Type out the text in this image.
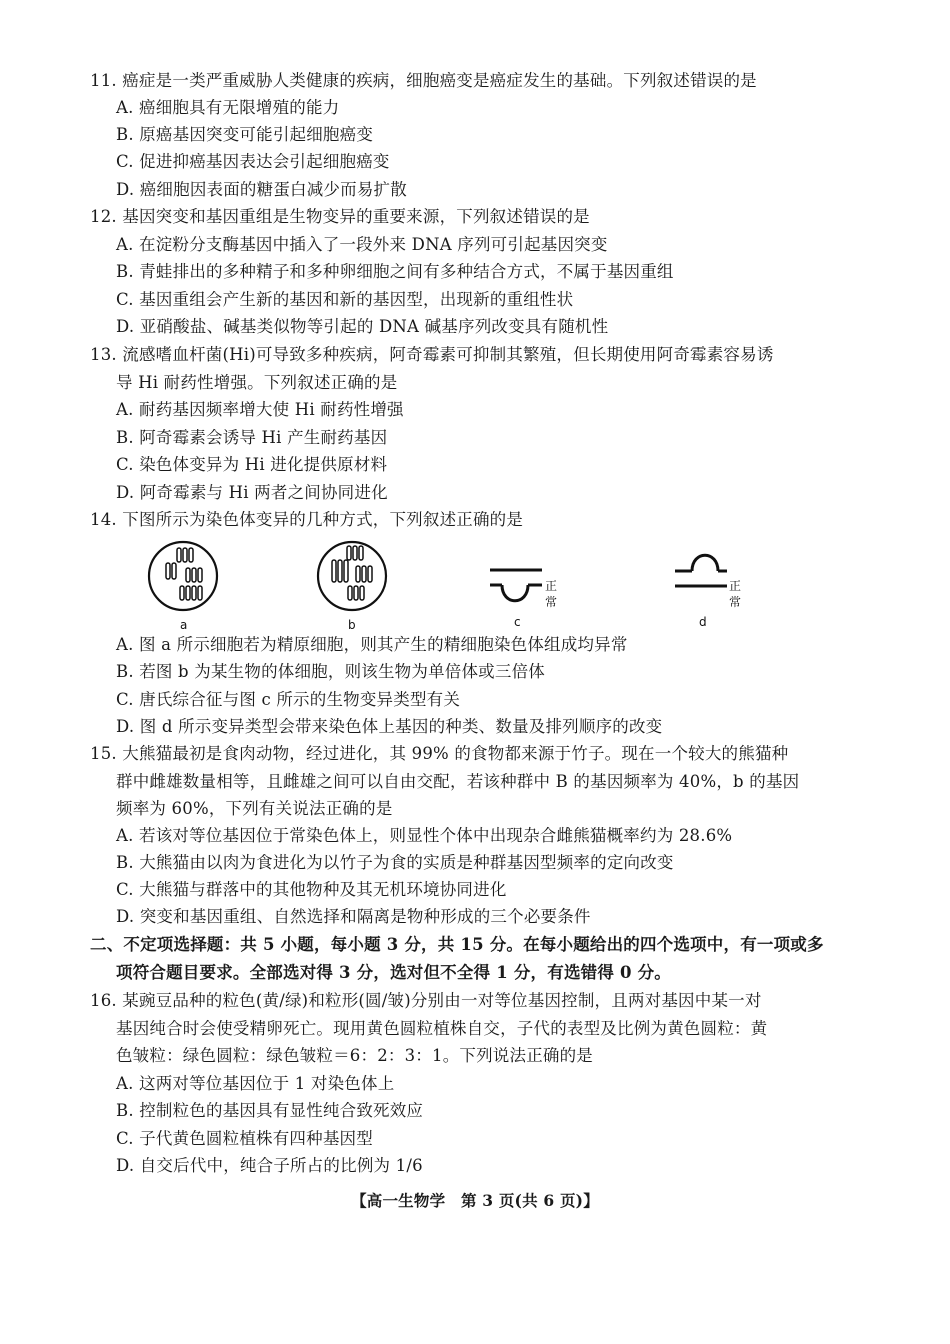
11. 癌症是一类严重威胁人类健康的疾病，细胞癌变是癌症发生的基础。下列叙述错误的是
A. 癌细胞具有无限增殖的能力
B. 原癌基因突变可能引起细胞癌变
C. 促进抑癌基因表达会引起细胞癌变
D. 癌细胞因表面的糖蛋白减少而易扩散
12. 基因突变和基因重组是生物变异的重要来源，下列叙述错误的是
A. 在淀粉分支酶基因中插入了一段外来 DNA 序列可引起基因突变
B. 青蛙排出的多种精子和多种卵细胞之间有多种结合方式，不属于基因重组
C. 基因重组会产生新的基因和新的基因型，出现新的重组性状
D. 亚硝酸盐、碱基类似物等引起的 DNA 碱基序列改变具有随机性
13. 流感嗜血杆菌(Hi)可导致多种疾病，阿奇霉素可抑制其繁殖，但长期使用阿奇霉素容易诱
导 Hi 耐药性增强。下列叙述正确的是
A. 耐药基因频率增大使 Hi 耐药性增强
B. 阿奇霉素会诱导 Hi 产生耐药基因
C. 染色体变异为 Hi 进化提供原材料
D. 阿奇霉素与 Hi 两者之间协同进化
14. 下图所示为染色体变异的几种方式，下列叙述正确的是
a	b
正
常
c
正
常
d
A. 图 a 所示细胞若为精原细胞，则其产生的精细胞染色体组成均异常
B. 若图 b 为某生物的体细胞，则该生物为单倍体或三倍体
C. 唐氏综合征与图 c 所示的生物变异类型有关
D. 图 d 所示变异类型会带来染色体上基因的种类、数量及排列顺序的改变
15. 大熊猫最初是食肉动物，经过进化，其 99% 的食物都来源于竹子。现在一个较大的熊猫种
群中雌雄数量相等，且雌雄之间可以自由交配，若该种群中 B 的基因频率为 40%，b 的基因
频率为 60%，下列有关说法正确的是
A. 若该对等位基因位于常染色体上，则显性个体中出现杂合雌熊猫概率约为 28.6%
B. 大熊猫由以肉为食进化为以竹子为食的实质是种群基因型频率的定向改变
C. 大熊猫与群落中的其他物种及其无机环境协同进化
D. 突变和基因重组、自然选择和隔离是物种形成的三个必要条件
二、不定项选择题：共 5 小题，每小题 3 分，共 15 分。在每小题给出的四个选项中，有一项或多
项符合题目要求。全部选对得 3 分，选对但不全得 1 分，有选错得 0 分。
16. 某豌豆品种的粒色(黄/绿)和粒形(圆/皱)分别由一对等位基因控制，且两对基因中某一对
基因纯合时会使受精卵死亡。现用黄色圆粒植株自交，子代的表型及比例为黄色圆粒：黄
色皱粒：绿色圆粒：绿色皱粒＝6：2：3：1。下列说法正确的是
A. 这两对等位基因位于 1 对染色体上
B. 控制粒色的基因具有显性纯合致死效应
C. 子代黄色圆粒植株有四种基因型
D. 自交后代中，纯合子所占的比例为 1/6
【高一生物学　第 3 页(共 6 页)】
